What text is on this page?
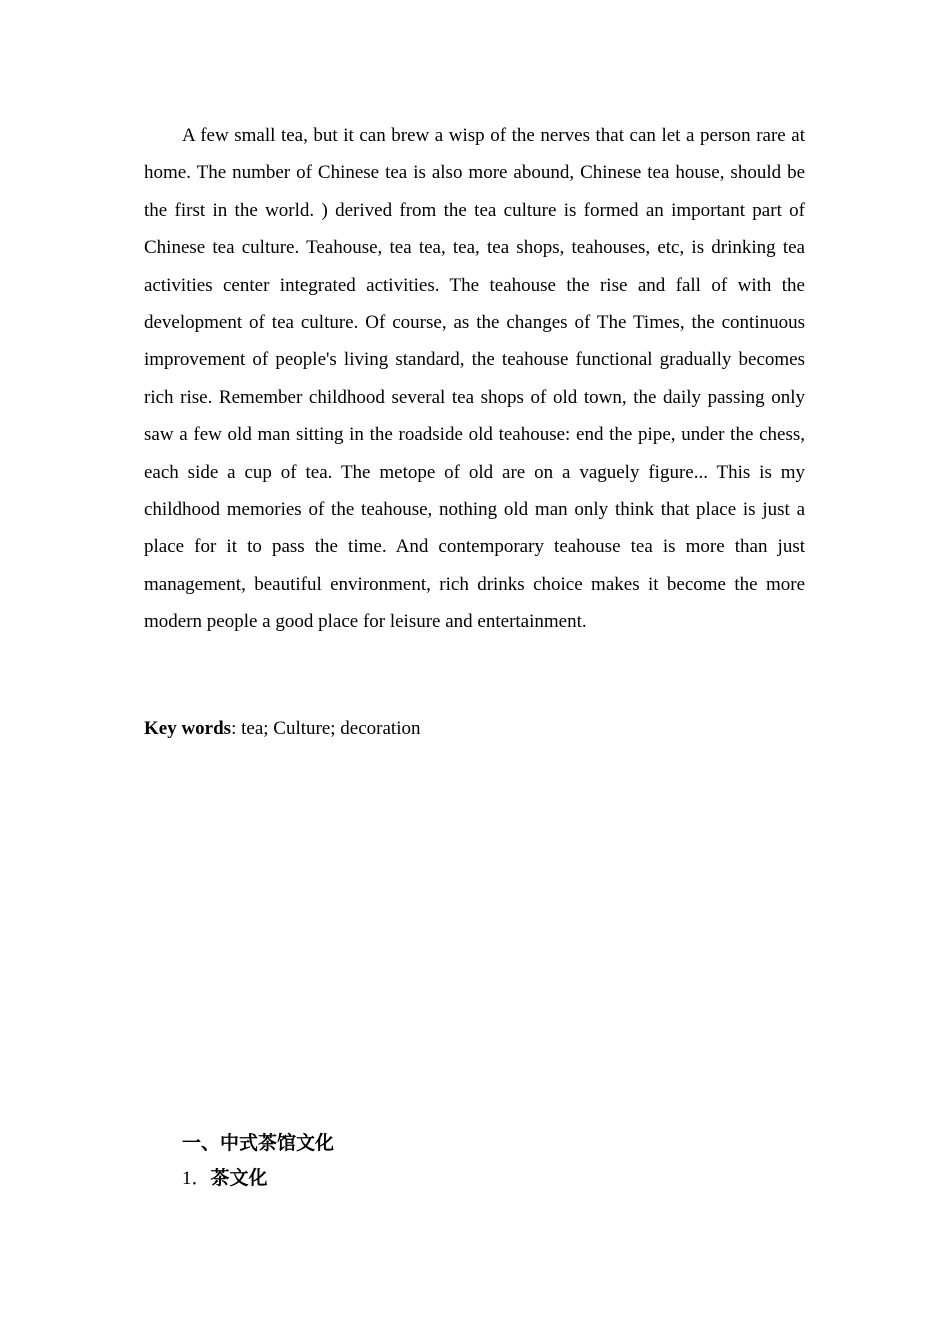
A few small tea, but it can brew a wisp of the nerves that can let a person rare at home. The number of Chinese tea is also more abound, Chinese tea house, should be the first in the world. ) derived from the tea culture is formed an important part of Chinese tea culture. Teahouse, tea tea, tea, tea shops, teahouses, etc, is drinking tea activities center integrated activities. The teahouse the rise and fall of with the development of tea culture. Of course, as the changes of The Times, the continuous improvement of people's living standard, the teahouse functional gradually becomes rich rise. Remember childhood several tea shops of old town, the daily passing only saw a few old man sitting in the roadside old teahouse: end the pipe, under the chess, each side a cup of tea. The metope of old are on a vaguely figure... This is my childhood memories of the teahouse, nothing old man only think that place is just a place for it to pass the time. And contemporary teahouse tea is more than just management, beautiful environment, rich drinks choice makes it become the more modern people a good place for leisure and entertainment.

Key words: tea; Culture; decoration

一、中式茶馆文化

1．茶文化
